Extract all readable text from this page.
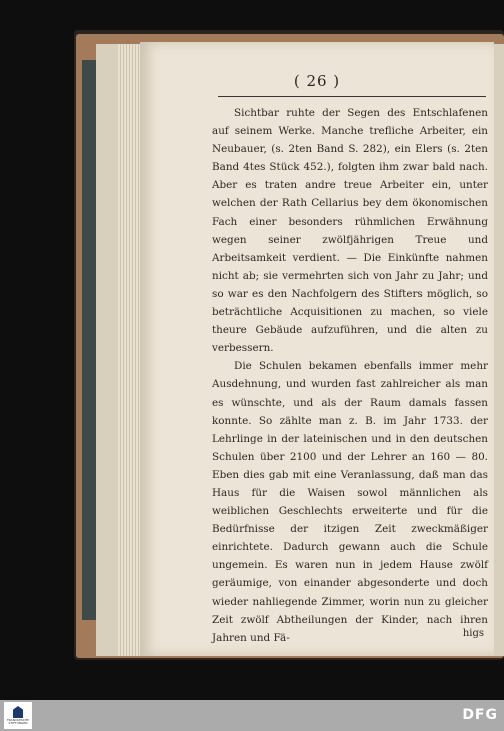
( 26 )

Sichtbar ruhte der Segen des Entschlafenen auf seinem Werke. Manche trefliche Arbeiter, ein Neubauer, (s. 2ten Band S. 282), ein Elers (s. 2ten Band 4tes Stück 452.), folgten ihm zwar bald nach. Aber es traten andre treue Arbeiter ein, unter welchen der Rath Cellarius bey dem ökonomischen Fach einer besonders rühmlichen Erwähnung wegen seiner zwölfjährigen Treue und Arbeitsamkeit verdient. — Die Einkünfte nahmen nicht ab; sie vermehrten sich von Jahr zu Jahr; und so war es den Nachfolgern des Stifters möglich, so beträchtliche Acquisitionen zu machen, so viele theure Gebäude aufzuführen, und die alten zu verbessern.

Die Schulen bekamen ebenfalls immer mehr Ausdehnung, und wurden fast zahlreicher als man es wünschte, und als der Raum damals fassen konnte. So zählte man z. B. im Jahr 1733. der Lehrlinge in der lateinischen und in den deutschen Schulen über 2100 und der Lehrer an 160 — 80. Eben dies gab mit eine Veranlassung, daß man das Haus für die Waisen sowol männlichen als weiblichen Geschlechts erweiterte und für die Bedürfnisse der itzigen Zeit zweckmäßiger einrichtete. Dadurch gewann auch die Schule ungemein. Es waren nun in jedem Hause zwölf geräumige, von einander abgesonderte und doch wieder nahliegende Zimmer, worin nun zu gleicher Zeit zwölf Abtheilungen der Kinder, nach ihren Jahren und Fä-	higs
FRANCKESCHE STIFTUNGEN	DFG
